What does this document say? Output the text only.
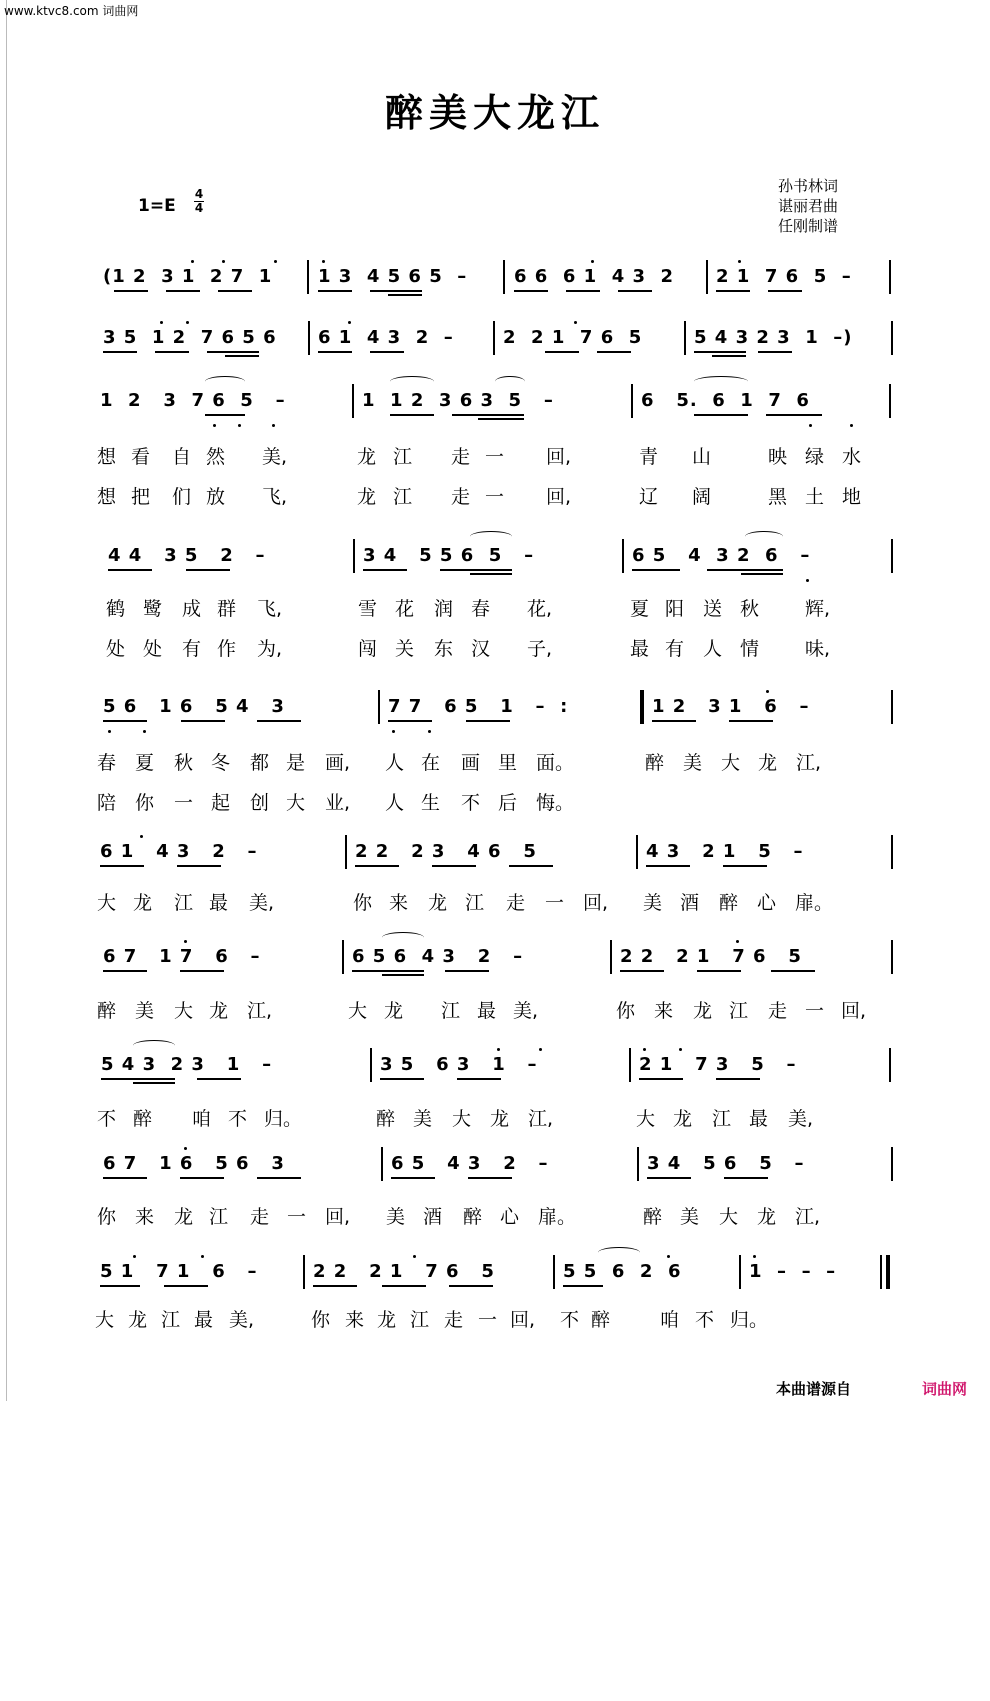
www.ktvc8.com 词曲网
醉美大龙江
1=E
4
4
孙书林词
谌丽君曲
任刚制谱
(1 2  3 1  2 7  1	1 3  4 5 6 5  –	6 6  6 1  4 3  2 2 1  7 6  5  –
3 5  1 2  7 6 5 6 6 1  4 3  2  –	2  2 1  7 6  5	5 4 3 2 3  1  –)
1  2   3  7 6  5   –	1  1 2  3 6 3  5   –	6   5.  6  1  7  6

想

看

自

然

美,

	龙

江

走

一

回,

	青

山

	映

绿

水

想

把

们

放

飞,

	龙

江

走

一

回,

	辽

阔

	黑

土

地

4 4   3 5   2   –	3 4   5 5 6  5   –	6 5   4  3 2  6   –

鹤

鹭

成

群

飞,

	雪

花

润

春

花,

	夏

阳

送

秋

辉,

处

处

有

作

为,

	闯

关

东

汉

子,

	最

有

人

情

味,

5 6   1 6   5 4   3	7 7   6 5   1   –  :	1 2   3 1   6   –

春

夏

秋

冬

都

是

画,

人

在

画

里

面。

	醉

美

大

龙

江,

陪

你

一

起

创

大

业,

人

生

不

后

悔。

6 1   4 3   2   –	2 2   2 3   4 6   5	4 3   2 1   5   –

大

龙

江

最

美,

	你

来

龙

江

走

一

回,

美

酒

醉

心

扉。

6 7   1 7   6   –	6 5 6  4 3   2   –	2 2   2 1   7 6   5

醉

美

大

龙

江,

	大

龙

江

最

美,

	你

来

龙

江

走

一

回,

5 4 3  2 3   1   –	3 5   6 3   1   –	2 1   7 3   5   –

不

醉

咱

不

归。

	醉

美

大

龙

江,

	大

龙

江

最

美,

6 7   1 6   5 6   3	6 5   4 3   2   –	3 4   5 6   5   –

你

来

龙

江

走

一

回,

美

酒

醉

心

扉。

	醉

美

大

龙

江,

5 1   7 1   6   –	2 2   2 1   7 6   5	5 5  6  2  6	1  –  –  –

大

龙

江

最

美,

	你

来

龙

江

走

一

回,

不

醉

	咱

不

归。

本曲谱源自	词曲网
